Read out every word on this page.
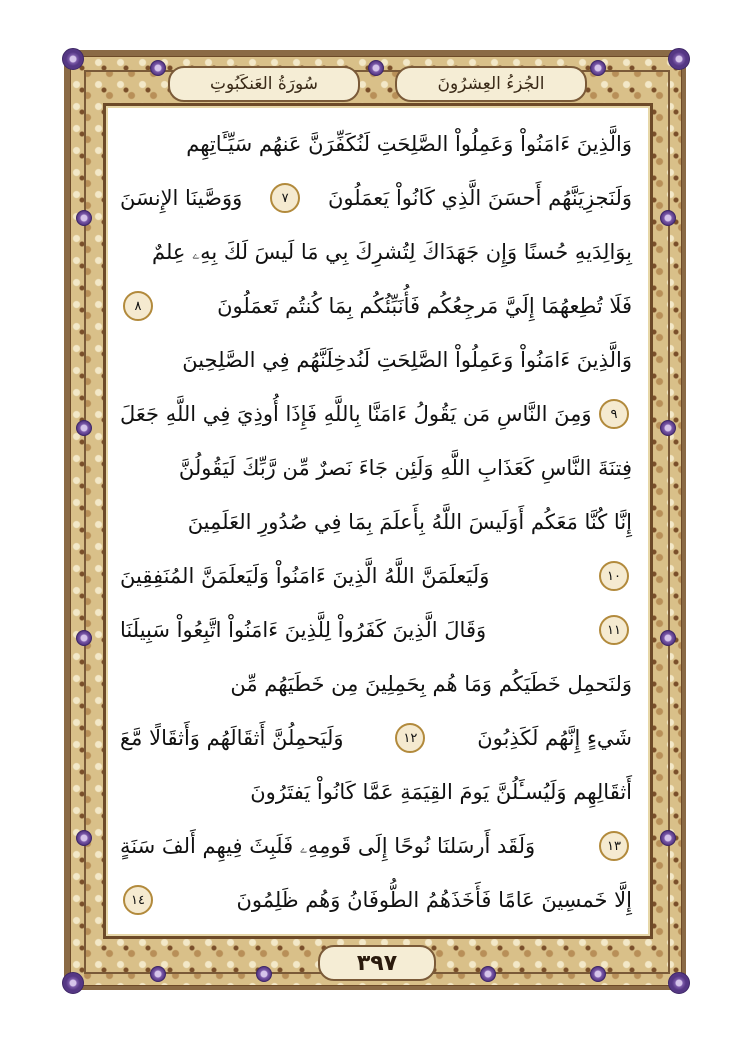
سُورَةُ العَنكَبُوتِ	الجُزءُ العِشرُونَ
وَالَّذِينَ ءَامَنُواْ وَعَمِلُواْ الصَّلِحَتِ لَنُكَفِّرَنَّ عَنهُم سَيِّـَٔاتِهِم
وَلَنَجزِيَنَّهُم أَحسَنَ الَّذِي كَانُواْ يَعمَلُونَ
٧
وَوَصَّينَا الإِنسَنَ
بِوَالِدَيهِ حُسنًا وَإِن جَهَدَاكَ لِتُشرِكَ بِي مَا لَيسَ لَكَ بِهِۦ عِلمٌ
فَلَا تُطِعهُمَا إِلَيَّ مَرجِعُكُم فَأُنَبِّئُكُم بِمَا كُنتُم تَعمَلُونَ
٨
وَالَّذِينَ ءَامَنُواْ وَعَمِلُواْ الصَّلِحَتِ لَنُدخِلَنَّهُم فِي الصَّلِحِينَ
٩
وَمِنَ النَّاسِ مَن يَقُولُ ءَامَنَّا بِاللَّهِ فَإِذَا أُوذِيَ فِي اللَّهِ جَعَلَ
فِتنَةَ النَّاسِ كَعَذَابِ اللَّهِ وَلَئِن جَاءَ نَصرٌ مِّن رَّبِّكَ لَيَقُولُنَّ
إِنَّا كُنَّا مَعَكُم أَوَلَيسَ اللَّهُ بِأَعلَمَ بِمَا فِي صُدُورِ العَلَمِينَ
١٠
وَلَيَعلَمَنَّ اللَّهُ الَّذِينَ ءَامَنُواْ وَلَيَعلَمَنَّ المُنَفِقِينَ
١١
وَقَالَ الَّذِينَ كَفَرُواْ لِلَّذِينَ ءَامَنُواْ اتَّبِعُواْ سَبِيلَنَا
وَلنَحمِل خَطَيَكُم وَمَا هُم بِحَمِلِينَ مِن خَطَيَهُم مِّن
شَيءٍ إِنَّهُم لَكَذِبُونَ
١٢
وَلَيَحمِلُنَّ أَثقَالَهُم وَأَثقَالًا مَّعَ
أَثقَالِهِم وَلَيُسـَٔلُنَّ يَومَ القِيَمَةِ عَمَّا كَانُواْ يَفتَرُونَ
١٣
وَلَقَد أَرسَلنَا نُوحًا إِلَى قَومِهِۦ فَلَبِثَ فِيهِم أَلفَ سَنَةٍ
إِلَّا خَمسِينَ عَامًا فَأَخَذَهُمُ الطُّوفَانُ وَهُم ظَلِمُونَ
١٤
٣٩٧
